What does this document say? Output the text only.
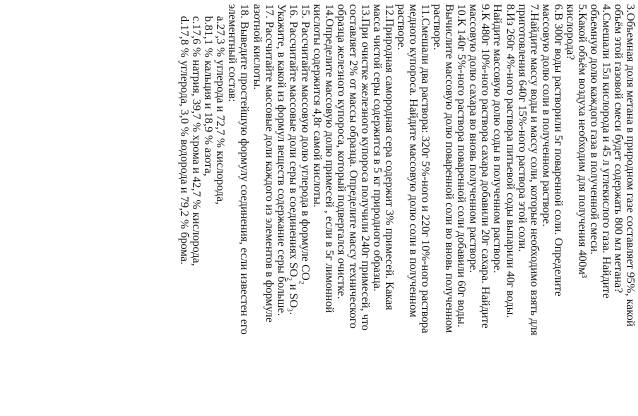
3.Объемная доля метана в природном газе составляет 95%, какой
объём этой газовой смеси будет содержать 800 мл метана?
4.Смешали 15л кислорода и 45 л углекислого газа. Найдите
объемную долю каждого газа в полученной смеси.
5.Какой объём воздуха необходим для получения 400м³
кислорода?
6.В 300г воды растворили 5г поваренной соли. Определите
массовую долю соли в полученном растворе.
7.Найдите массу воды и массу соли, которые необходимо взять для
приготовления 640г 15%-ного раствора этой соли.
8.Из 260г 4%-ного раствора питьевой соды выпарили 40г воды.
Найдите массовую долю соды в полученном растворе.
9.К 480г 10%-ного раствора сахара добавили 20г сахара. Найдите
массовую долю сахара во вновь полученном растворе.
10.К 140г 5%-ного раствора поваренной соли добавили 60г воды.
Вычислите массовую долю поваренной соли во вновь полученном
растворе.
11.Смешали два раствора: 320г 5%-ного и 220г 10%-ного раствора
медного купороса. Найдите массовую долю соли в полученном
растворе.
12.Природная самородная сера содержит 3% примесей. Какая
масса чистой серы содержится в 5 кг природного образца.
13.При очистке железного купороса получили 240г примесей, что
составляет 2% от массы образца. Определите массу технического
образца железного купороса, который подвергался очистке.
14.Определите массовую долю примесей , если в 5г лимонной
кислоты содержится 4,8г самой кислоты.
15. Рассчитайте массовую долю углерода в формуле СО₂
16. Рассчитайте массовые доли серы в соединениях SO₂ и SO₃.
Укажите, в какой из формул веществ содержание серы больше.
17. Рассчитайте массовые доли каждого из элементов в формуле
азотной кислоты.
18. Выведите простейшую формулу соединения, если известен его
элементный состав:
а.27,3 % углерода и 72,7 % кислорода,
b.81,1 % кальция и 18,9 % азота,
c.17,6 % натрия, 39,7 % хрома и 42,7 % кислорода,
d.17,8 % углерода, 3,0 % водорода и 79,2 % брома.
